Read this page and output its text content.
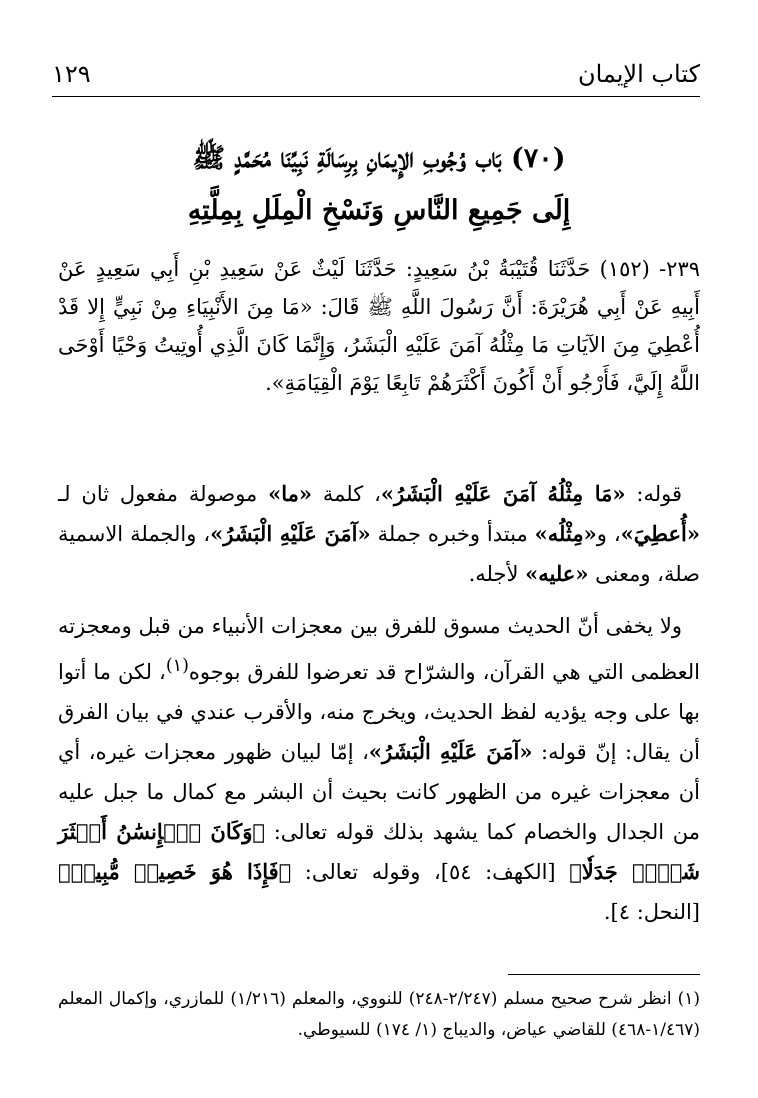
كتاب الإيمان
١٢٩
(٧٠) بَاب وُجُوبِ الإِيمَانِ بِرِسَالَةِ نَبِيِّنَا مُحَمَّدٍ ﷺ
إِلَى جَمِيعِ النَّاسِ وَنَسْخِ الْمِلَلِ بِمِلَّتِهِ
٢٣٩- (١٥٢) حَدَّثَنَا قُتَيْبَةُ بْنُ سَعِيدٍ: حَدَّثَنَا لَيْثٌ عَنْ سَعِيدِ بْنِ أَبِي سَعِيدٍ عَنْ أَبِيهِ عَنْ أَبِي هُرَيْرَةَ: أَنَّ رَسُولَ اللَّهِ ﷺ قَالَ: «مَا مِنَ الأَنْبِيَاءِ مِنْ نَبِيٍّ إِلا قَدْ أُعْطِيَ مِنَ الآيَاتِ مَا مِثْلُهُ آمَنَ عَلَيْهِ الْبَشَرُ، وَإِنَّمَا كَانَ الَّذِي أُوتِيتُ وَحْيًا أَوْحَى اللَّهُ إِلَيَّ، فَأَرْجُو أَنْ أَكُونَ أَكْثَرَهُمْ تَابِعًا يَوْمَ الْقِيَامَةِ».

قوله: «مَا مِثْلُهُ آمَنَ عَلَيْهِ الْبَشَرُ»، كلمة «ما» موصولة مفعول ثان لـ «أُعطِيَ»، و«مِثْلُه» مبتدأ وخبره جملة «آمَنَ عَلَيْهِ الْبَشَرُ»، والجملة الاسمية صلة، ومعنى «عليه» لأجله.

ولا يخفى أنّ الحديث مسوق للفرق بين معجزات الأنبياء من قبل ومعجزته العظمى التي هي القرآن، والشرّاح قد تعرضوا للفرق بوجوه$^{(١)}$، لكن ما أتوا بها على وجه يؤديه لفظ الحديث، ويخرج منه، والأقرب عندي في بيان الفرق أن يقال: إنّ قوله: «آمَنَ عَلَيْهِ الْبَشَرُ»، إمّا لبيان ظهور معجزات غيره، أي أن معجزات غيره من الظهور كانت بحيث أن البشر مع كمال ما جبل عليه من الجدال والخصام كما يشهد بذلك قوله تعالى: ﴿وَكَانَ ٱلۡإِنسَٰنُ أَكۡثَرَ شَيۡءٖ جَدَلٗا﴾ [الكهف: ٥٤]، وقوله تعالى: ﴿فَإِذَا هُوَ خَصِيمٞ مُّبِينٞ﴾ [النحل: ٤].

(١) انظر شرح صحيح مسلم (٢/٢٤٧-٢٤٨) للنووي، والمعلم (١/٢١٦) للمازري، وإكمال المعلم (١/٤٦٧-٤٦٨) للقاضي عياض، والديباج (١/ ١٧٤) للسيوطي.
